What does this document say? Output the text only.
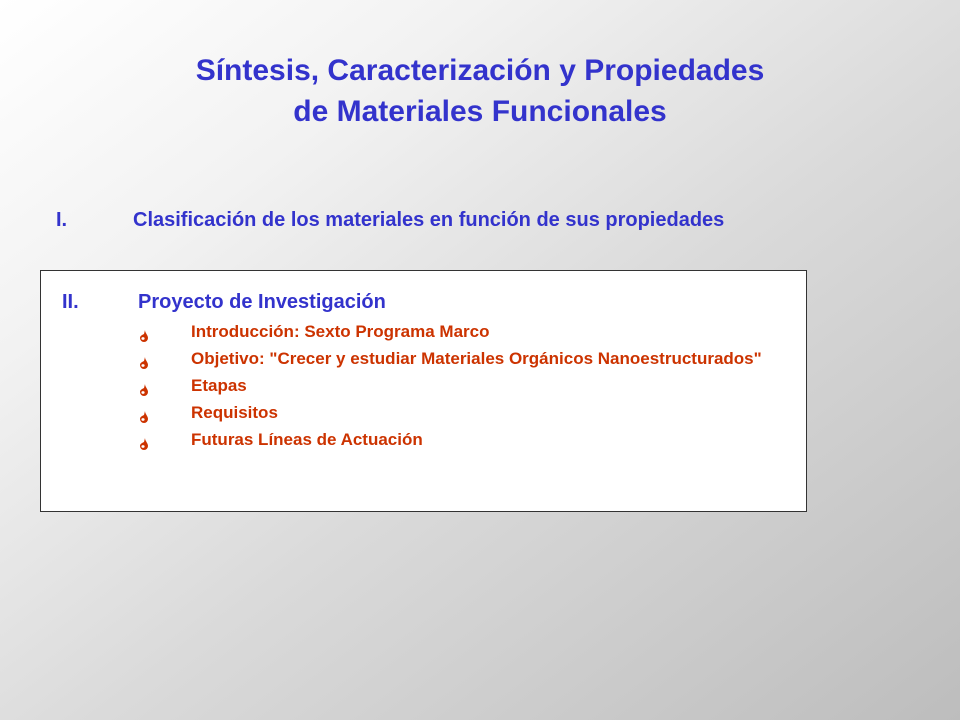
Síntesis, Caracterización y Propiedades
de Materiales Funcionales
I.	Clasificación de los materiales en función de sus propiedades
II.	Proyecto de Investigación
Introducción: Sexto Programa Marco
Objetivo: "Crecer y estudiar Materiales Orgánicos Nanoestructurados"
Etapas
Requisitos
Futuras Líneas de Actuación
